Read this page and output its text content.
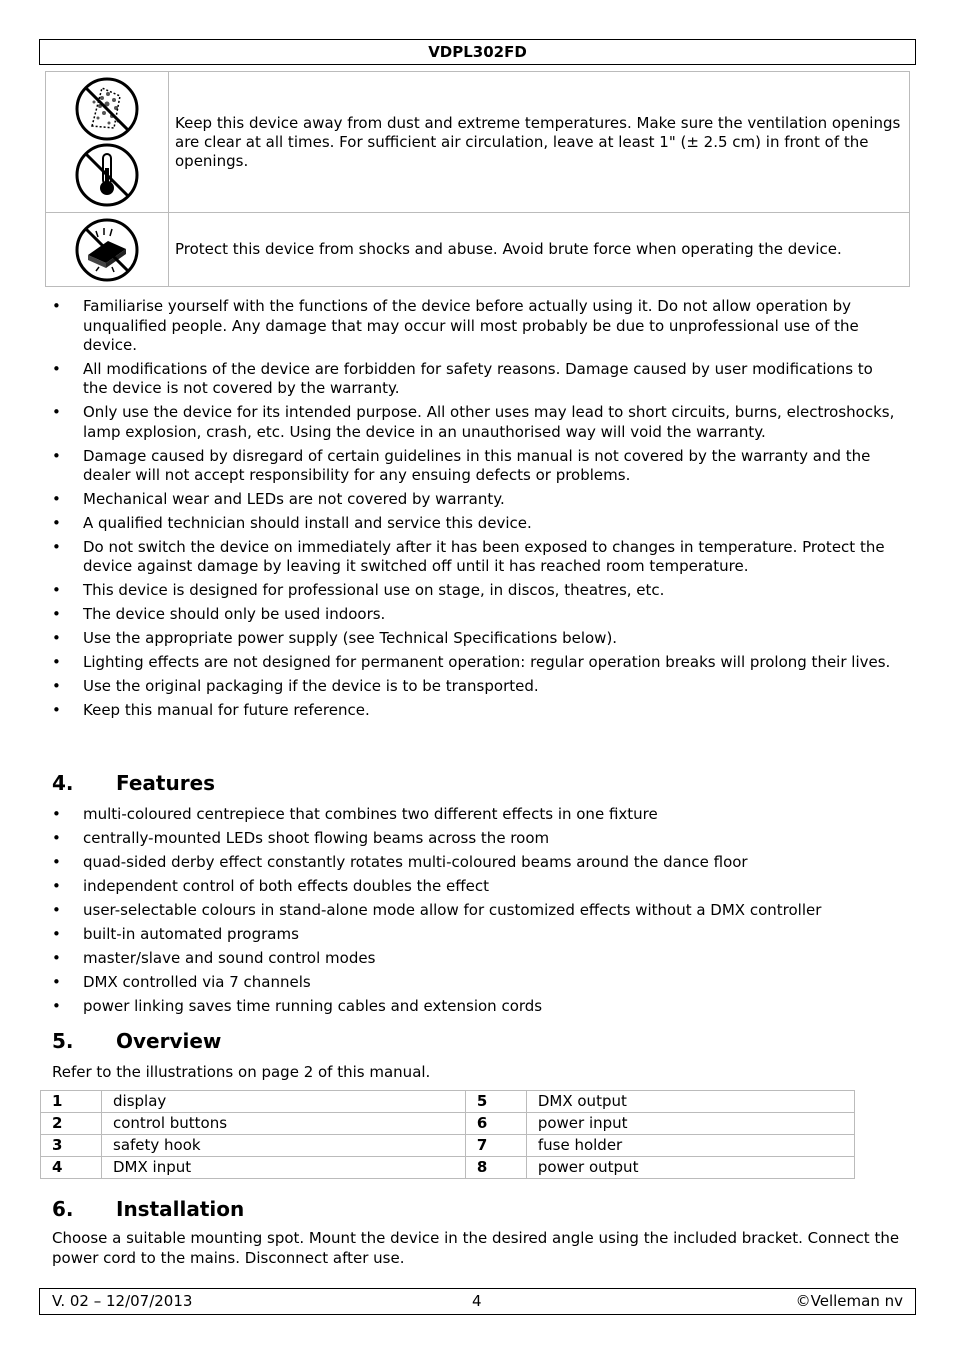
VDPL302FD
	Keep this device away from dust and extreme temperatures. Make sure the ventilation openings are clear at all times. For sufficient air circulation, leave at least 1" (± 2.5 cm) in front of the openings.

	Protect this device from shocks and abuse. Avoid brute force when operating the device.
• Familiarise yourself with the functions of the device before actually using it. Do not allow operation by unqualified people. Any damage that may occur will most probably be due to unprofessional use of the device.
• All modifications of the device are forbidden for safety reasons. Damage caused by user modifications to the device is not covered by the warranty.
• Only use the device for its intended purpose. All other uses may lead to short circuits, burns, electroshocks, lamp explosion, crash, etc. Using the device in an unauthorised way will void the warranty.
• Damage caused by disregard of certain guidelines in this manual is not covered by the warranty and the dealer will not accept responsibility for any ensuing defects or problems.
• Mechanical wear and LEDs are not covered by warranty.
• A qualified technician should install and service this device.
• Do not switch the device on immediately after it has been exposed to changes in temperature. Protect the device against damage by leaving it switched off until it has reached room temperature.
• This device is designed for professional use on stage, in discos, theatres, etc.
• The device should only be used indoors.
• Use the appropriate power supply (see Technical Specifications below).
• Lighting effects are not designed for permanent operation: regular operation breaks will prolong their lives.
• Use the original packaging if the device is to be transported.
• Keep this manual for future reference.
4. Features
• multi-coloured centrepiece that combines two different effects in one fixture
• centrally-mounted LEDs shoot flowing beams across the room
• quad-sided derby effect constantly rotates multi-coloured beams around the dance floor
• independent control of both effects doubles the effect
• user-selectable colours in stand-alone mode allow for customized effects without a DMX controller
• built-in automated programs
• master/slave and sound control modes
• DMX controlled via 7 channels
• power linking saves time running cables and extension cords
5. Overview
Refer to the illustrations on page 2 of this manual.
1	display	5	DMX output
2	control buttons	6	power input
3	safety hook	7	fuse holder
4	DMX input	8	power output
6. Installation
Choose a suitable mounting spot. Mount the device in the desired angle using the included bracket. Connect the power cord to the mains. Disconnect after use.
V. 02 – 12/07/2013	4	©Velleman nv
